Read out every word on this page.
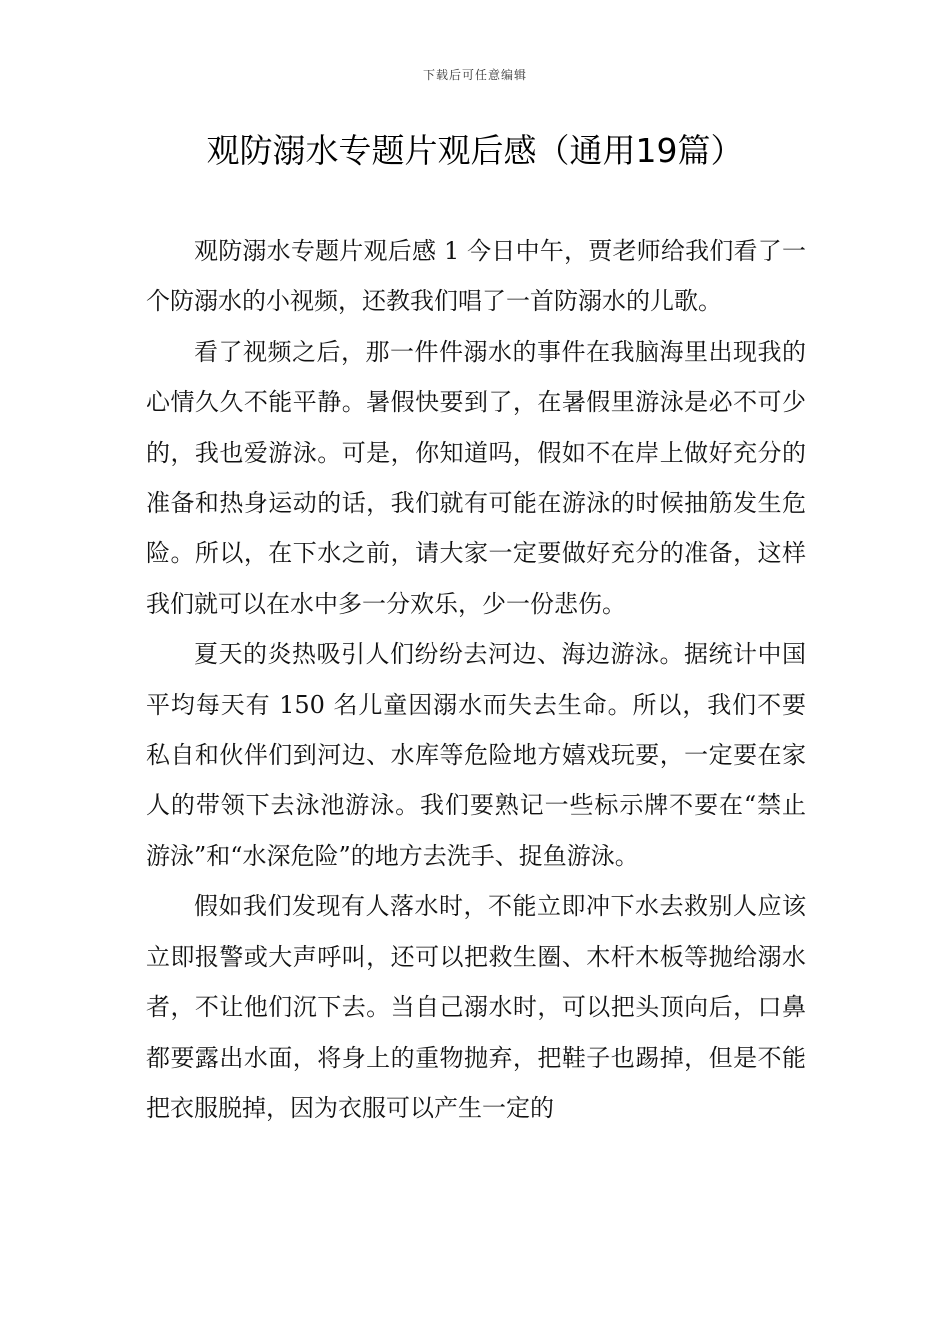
下载后可任意编辑
观防溺水专题片观后感（通用19篇）

观防溺水专题片观后感 1 今日中午，贾老师给我们看了一个防溺水的小视频，还教我们唱了一首防溺水的儿歌。

看了视频之后，那一件件溺水的事件在我脑海里出现我的心情久久不能平静。暑假快要到了，在暑假里游泳是必不可少的，我也爱游泳。可是，你知道吗，假如不在岸上做好充分的准备和热身运动的话，我们就有可能在游泳的时候抽筋发生危险。所以，在下水之前，请大家一定要做好充分的准备，这样我们就可以在水中多一分欢乐，少一份悲伤。

夏天的炎热吸引人们纷纷去河边、海边游泳。据统计中国平均每天有 150 名儿童因溺水而失去生命。所以，我们不要私自和伙伴们到河边、水库等危险地方嬉戏玩要，一定要在家人的带领下去泳池游泳。我们要熟记一些标示牌不要在“禁止游泳”和“水深危险”的地方去洗手、捉鱼游泳。

假如我们发现有人落水时，不能立即冲下水去救别人应该立即报警或大声呼叫，还可以把救生圈、木杆木板等抛给溺水者，不让他们沉下去。当自己溺水时，可以把头顶向后，口鼻都要露出水面，将身上的重物抛弃，把鞋子也踢掉，但是不能把衣服脱掉，因为衣服可以产生一定的
